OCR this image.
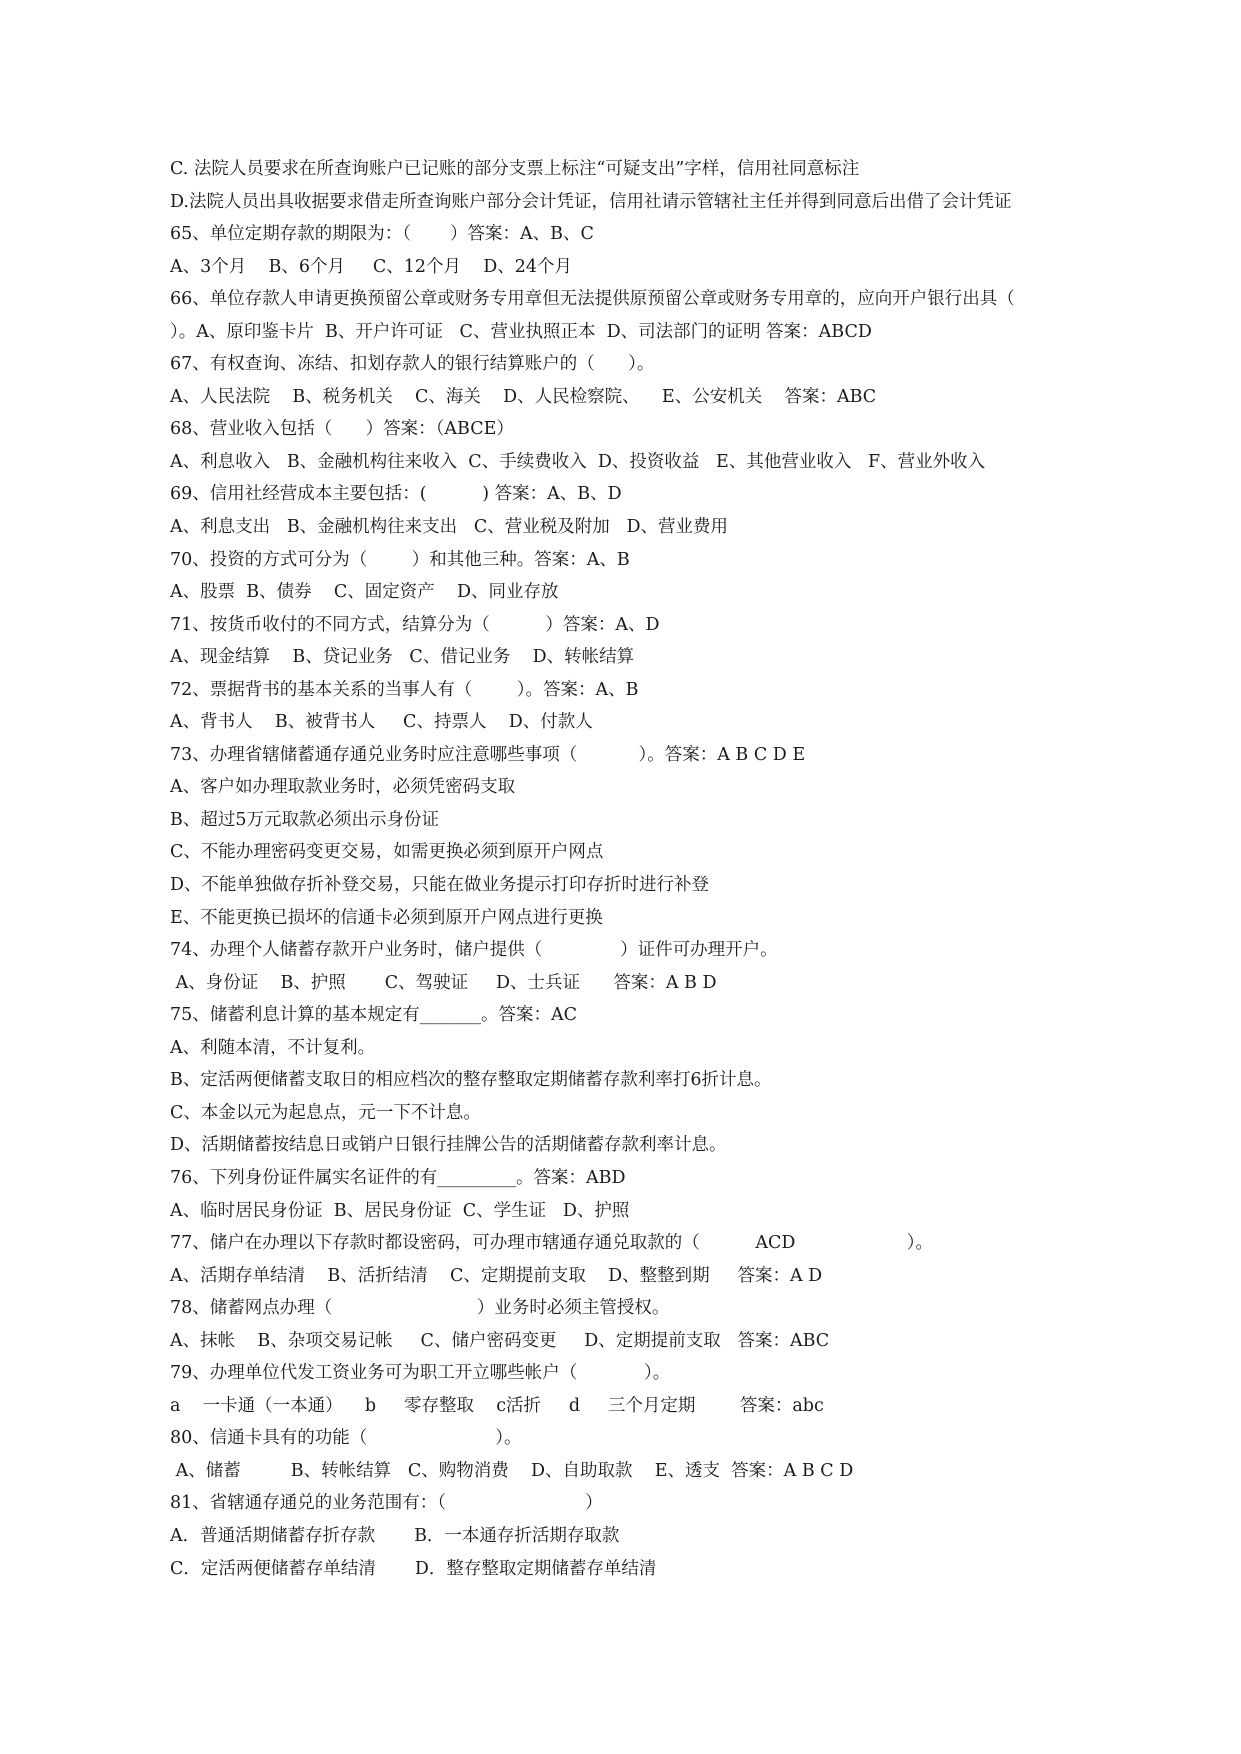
C. 法院人员要求在所查询账户已记账的部分支票上标注“可疑支出”字样，信用社同意标注
D.法院人员出具收据要求借走所查询账户部分会计凭证，信用社请示管辖社主任并得到同意后出借了会计凭证
65、单位定期存款的期限为：（       ）答案：A、B、C
A、3个月    B、6个月     C、12个月    D、24个月
66、单位存款人申请更换预留公章或财务专用章但无法提供原预留公章或财务专用章的，应向开户银行出具（
）。A、原印鉴卡片  B、开户许可证   C、营业执照正本  D、司法部门的证明 答案：ABCD
67、有权查询、冻结、扣划存款人的银行结算账户的（      ）。
A、人民法院    B、税务机关    C、海关    D、人民检察院、    E、公安机关    答案：ABC
68、营业收入包括（      ）答案：（ABCE）
A、利息收入   B、金融机构往来收入  C、手续费收入  D、投资收益   E、其他营业收入   F、营业外收入
69、信用社经营成本主要包括：(          ) 答案：A、B、D
A、利息支出   B、金融机构往来支出   C、营业税及附加   D、营业费用
70、投资的方式可分为（        ）和其他三种。答案：A、B
A、股票  B、债券    C、固定资产    D、同业存放
71、按货币收付的不同方式，结算分为（          ）答案：A、D
A、现金结算    B、贷记业务   C、借记业务    D、转帐结算
72、票据背书的基本关系的当事人有（        ）。答案：A、B
A、背书人    B、被背书人     C、持票人    D、付款人
73、办理省辖储蓄通存通兑业务时应注意哪些事项（           ）。答案：A B C D E
A、客户如办理取款业务时，必须凭密码支取
B、超过5万元取款必须出示身份证
C、不能办理密码变更交易，如需更换必须到原开户网点
D、不能单独做存折补登交易，只能在做业务提示打印存折时进行补登
E、不能更换已损坏的信通卡必须到原开户网点进行更换
74、办理个人储蓄存款开户业务时，储户提供（              ）证件可办理开户。
A、身份证    B、护照       C、驾驶证     D、士兵证      答案：A B D
75、储蓄利息计算的基本规定有_______。答案：AC
A、利随本清，不计复利。
B、定活两便储蓄支取日的相应档次的整存整取定期储蓄存款利率打6折计息。
C、本金以元为起息点，元一下不计息。
D、活期储蓄按结息日或销户日银行挂牌公告的活期储蓄存款利率计息。
76、下列身份证件属实名证件的有_________。答案：ABD
A、临时居民身份证  B、居民身份证  C、学生证   D、护照
77、储户在办理以下存款时都设密码，可办理市辖通存通兑取款的（          ACD                    ）。
A、活期存单结清    B、活折结清    C、定期提前支取    D、整整到期     答案：A D
78、储蓄网点办理（                          ）业务时必须主管授权。
A、抹帐    B、杂项交易记帐     C、储户密码变更     D、定期提前支取   答案：ABC
79、办理单位代发工资业务可为职工开立哪些帐户（            ）。
a    一卡通（一本通）    b     零存整取    c活折     d     三个月定期        答案：abc
80、信通卡具有的功能（                       ）。
A、储蓄         B、转帐结算   C、购物消费    D、自助取款    E、透支  答案：A B C D
81、省辖通存通兑的业务范围有：（                         ）
A．普通活期储蓄存折存款       B．一本通存折活期存取款
C．定活两便储蓄存单结清       D．整存整取定期储蓄存单结清
